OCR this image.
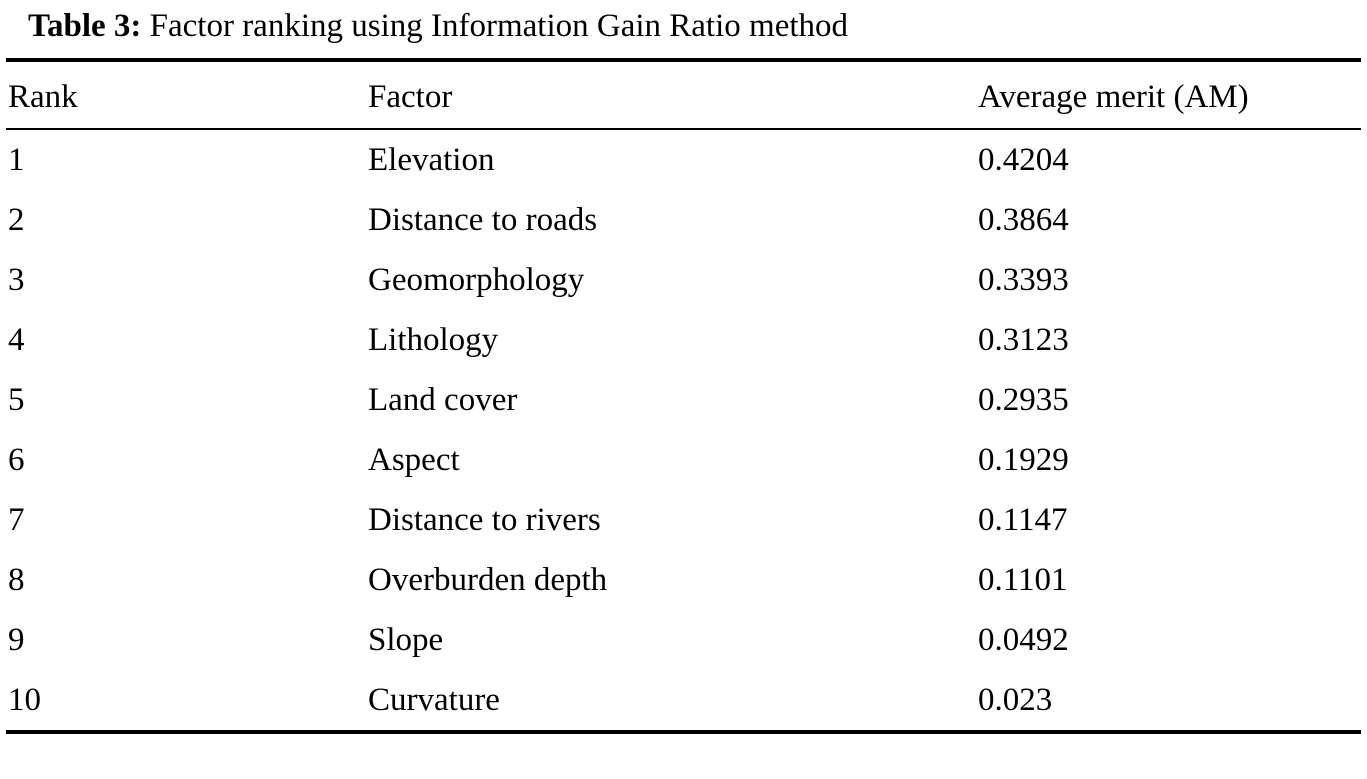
Table 3: Factor ranking using Information Gain Ratio method
Rank	Factor	Average merit (AM)
1	Elevation	0.4204
2	Distance to roads	0.3864
3	Geomorphology	0.3393
4	Lithology	0.3123
5	Land cover	0.2935
6	Aspect	0.1929
7	Distance to rivers	0.1147
8	Overburden depth	0.1101
9	Slope	0.0492
10	Curvature	0.023
